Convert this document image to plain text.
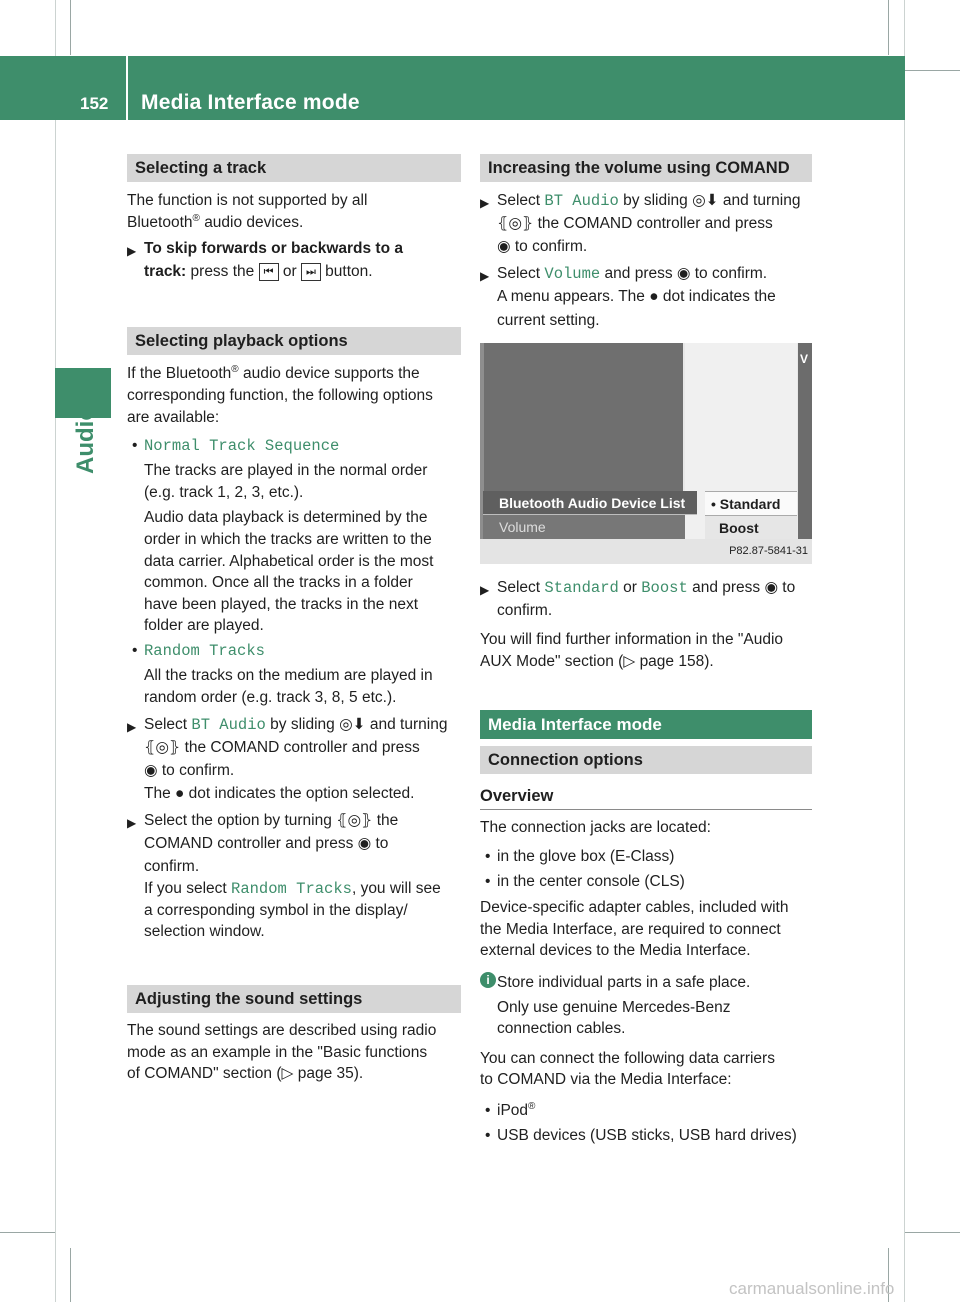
152 Media Interface mode
Audio
Selecting a track
The function is not supported by all
Bluetooth® audio devices.
▶ To skip forwards or backwards to a
track: press the ⏮ or ⏭ button.
Selecting playback options
If the Bluetooth® audio device supports the
corresponding function, the following options
are available:
• Normal Track Sequence
The tracks are played in the normal order
(e.g. track 1, 2, 3, etc.).
Audio data playback is determined by the
order in which the tracks are written to the
data carrier. Alphabetical order is the most
common. Once all the tracks in a folder
have been played, the tracks in the next
folder are played.
• Random Tracks
All the tracks on the medium are played in
random order (e.g. track 3, 8, 5 etc.).
▶ Select BT Audio by sliding ◎⬇ and turning
⦃◎⦄ the COMAND controller and press
◉ to confirm.
The ● dot indicates the option selected.
▶ Select the option by turning ⦃◎⦄ the
COMAND controller and press ◉ to
confirm.
If you select Random Tracks, you will see
a corresponding symbol in the display/
selection window.
Adjusting the sound settings
The sound settings are described using radio
mode as an example in the "Basic functions
of COMAND" section (▷ page 35).
Increasing the volume using COMAND
▶ Select BT Audio by sliding ◎⬇ and turning
⦃◎⦄ the COMAND controller and press
◉ to confirm.
▶ Select Volume and press ◉ to confirm.
A menu appears. The ● dot indicates the
current setting.
V
Bluetooth Audio Device List
Volume
• Standard
Boost
P82.87-5841-31
▶ Select Standard or Boost and press ◉ to
confirm.
You will find further information in the "Audio
AUX Mode" section (▷ page 158).
Media Interface mode
Connection options
Overview
The connection jacks are located:
• in the glove box (E-Class)
• in the center console (CLS)
Device-specific adapter cables, included with
the Media Interface, are required to connect
external devices to the Media Interface.
i Store individual parts in a safe place.
Only use genuine Mercedes-Benz
connection cables.
You can connect the following data carriers
to COMAND via the Media Interface:
• iPod®
• USB devices (USB sticks, USB hard drives)
carmanualsonline.info
